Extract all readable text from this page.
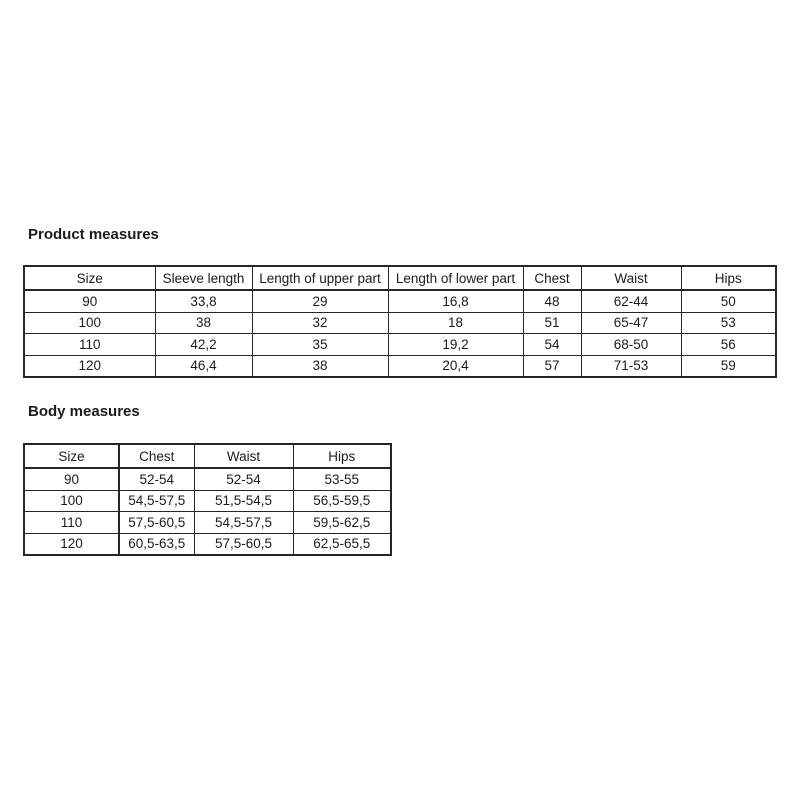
Product measures
Size	Sleeve length	Length of upper part	Length of lower part	Chest	Waist	Hips
90	33,8	29	16,8	48	62-44	50
100	38	32	18	51	65-47	53
110	42,2	35	19,2	54	68-50	56
120	46,4	38	20,4	57	71-53	59
Body measures
Size	Chest	Waist	Hips
90	52-54	52-54	53-55
100	54,5-57,5	51,5-54,5	56,5-59,5
110	57,5-60,5	54,5-57,5	59,5-62,5
120	60,5-63,5	57,5-60,5	62,5-65,5
